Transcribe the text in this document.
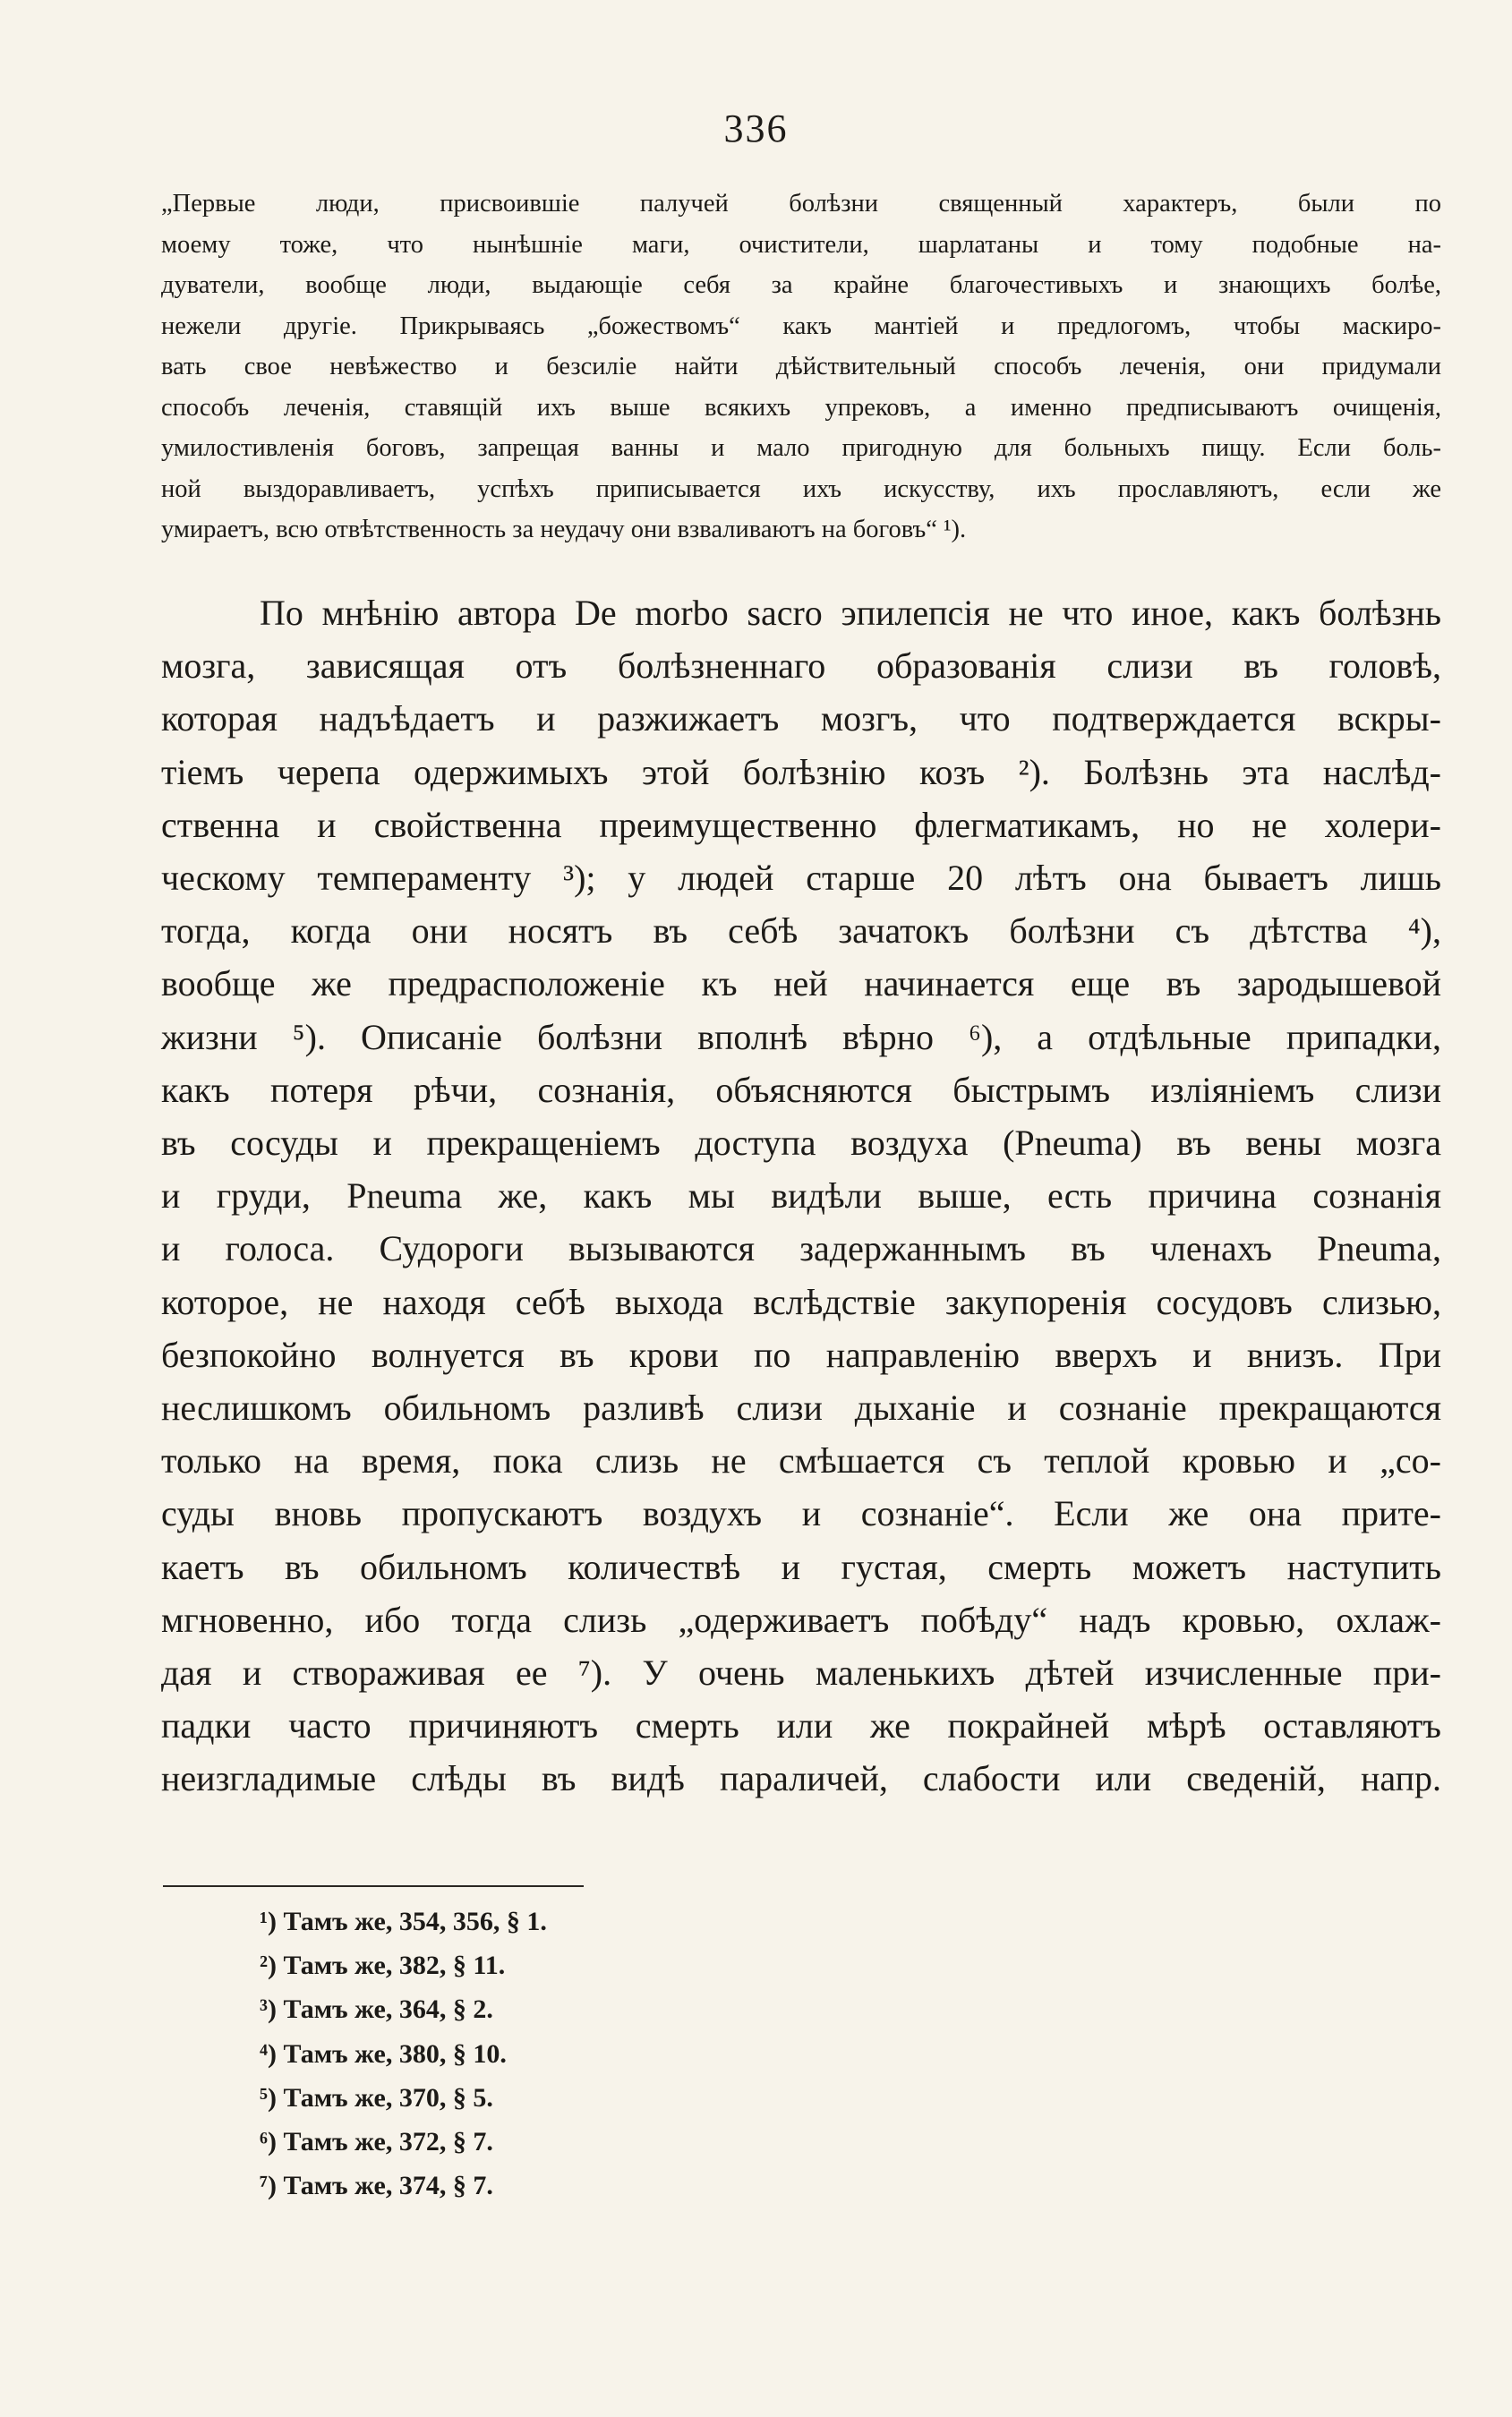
336
„Первые люди, присвоившіе палучей болѣзни священный характеръ, были по
моему тоже, что нынѣшніе маги, очистители, шарлатаны и тому подобные на-
дуватели, вообще люди, выдающіе себя за крайне благочестивыхъ и знающихъ болѣе,
нежели другіе. Прикрываясь „божествомъ“ какъ мантіей и предлогомъ, чтобы маскиро-
вать свое невѣжество и безсиліе найти дѣйствительный способъ леченія, они придумали
способъ леченія, ставящій ихъ выше всякихъ упрековъ, а именно предписываютъ очищенія,
умилостивленія боговъ, запрещая ванны и мало пригодную для больныхъ пищу. Если боль-
ной выздоравливаетъ, успѣхъ приписывается ихъ искусству, ихъ прославляютъ, если же
умираетъ, всю отвѣтственность за неудачу они взваливаютъ на боговъ“ ¹).
По мнѣнію автора De morbo sacro эпилепсія не что иное, какъ болѣзнь
мозга, зависящая отъ болѣзненнаго образованія слизи въ головѣ,
которая надъѣдаетъ и разжижаетъ мозгъ, что подтверждается вскры-
тіемъ черепа одержимыхъ этой болѣзнію козъ ²). Болѣзнь эта наслѣд-
ственна и свойственна преимущественно флегматикамъ, но не холери-
ческому темпераменту ³); у людей старше 20 лѣтъ она бываетъ лишь
тогда, когда они носятъ въ себѣ зачатокъ болѣзни съ дѣтства ⁴),
вообще же предрасположеніе къ ней начинается еще въ зародышевой
жизни ⁵). Описаніе болѣзни вполнѣ вѣрно ⁶), а отдѣльные припадки,
какъ потеря рѣчи, сознанія, объясняются быстрымъ изліяніемъ слизи
въ сосуды и прекращеніемъ доступа воздуха (Pneuma) въ вены мозга
и груди, Pneuma же, какъ мы видѣли выше, есть причина сознанія
и голоса. Судороги вызываются задержаннымъ въ членахъ Pneuma,
которое, не находя себѣ выхода вслѣдствіе закупоренія сосудовъ слизью,
безпокойно волнуется въ крови по направленію вверхъ и внизъ. При
неслишкомъ обильномъ разливѣ слизи дыханіе и сознаніе прекращаются
только на время, пока слизь не смѣшается съ теплой кровью и „со-
суды вновь пропускаютъ воздухъ и сознаніе“. Если же она прите-
каетъ въ обильномъ количествѣ и густая, смерть можетъ наступить
мгновенно, ибо тогда слизь „одерживаетъ побѣду“ надъ кровью, охлаж-
дая и створаживая ее ⁷). У очень маленькихъ дѣтей изчисленные при-
падки часто причиняютъ смерть или же покрайней мѣрѣ оставляютъ
неизгладимые слѣды въ видѣ параличей, слабости или сведеній, напр.
¹) Тамъ же, 354, 356, § 1.
²) Тамъ же, 382, § 11.
³) Тамъ же, 364, § 2.
⁴) Тамъ же, 380, § 10.
⁵) Тамъ же, 370, § 5.
⁶) Тамъ же, 372, § 7.
⁷) Тамъ же, 374, § 7.
